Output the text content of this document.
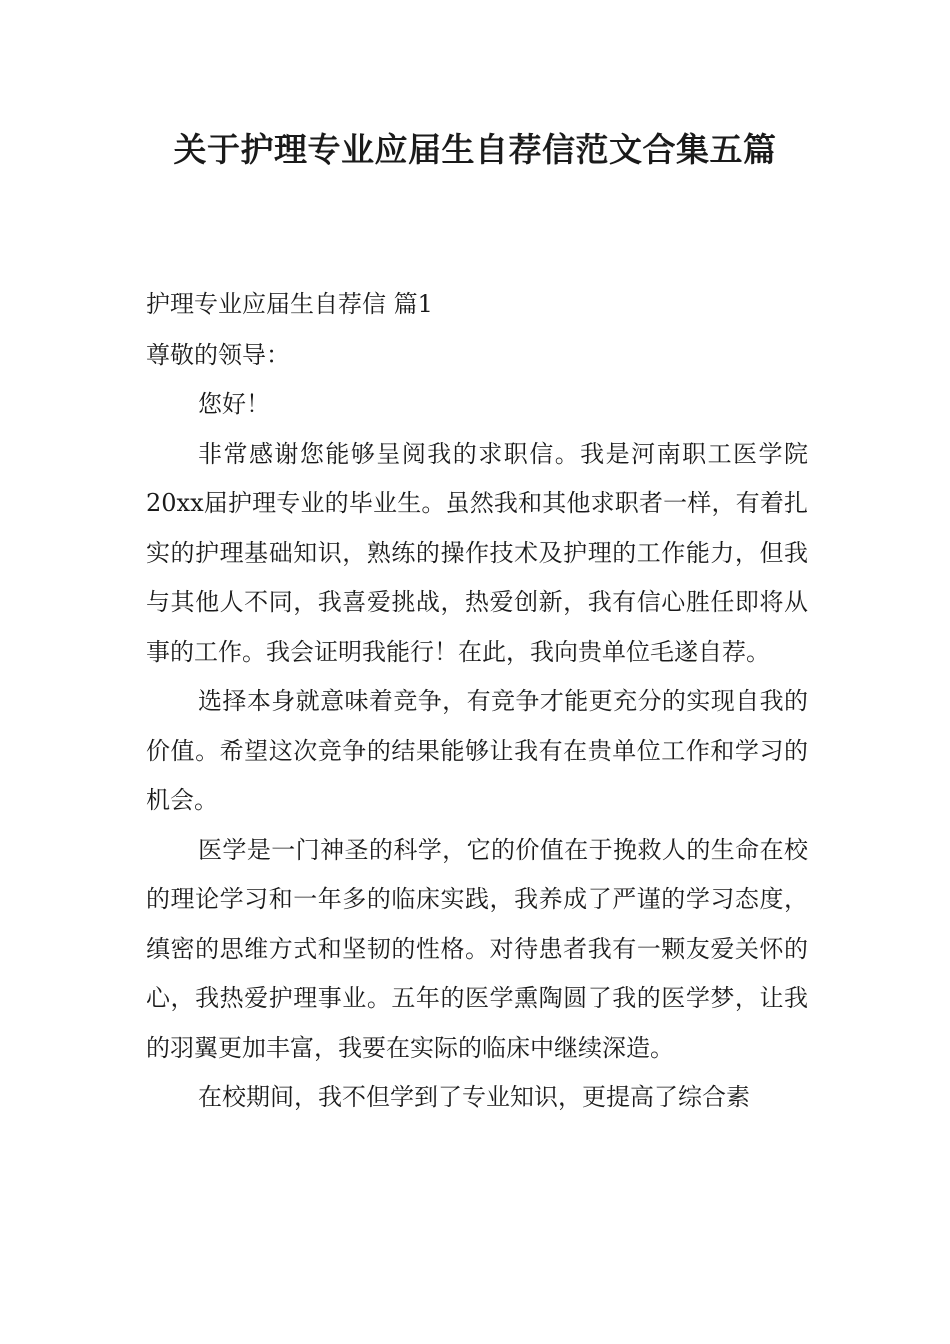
关于护理专业应届生自荐信范文合集五篇

护理专业应届生自荐信 篇1

尊敬的领导：

您好！

非常感谢您能够呈阅我的求职信。我是河南职工医学院20xx届护理专业的毕业生。虽然我和其他求职者一样，有着扎实的护理基础知识，熟练的操作技术及护理的工作能力，但我与其他人不同，我喜爱挑战，热爱创新，我有信心胜任即将从事的工作。我会证明我能行！在此，我向贵单位毛遂自荐。

选择本身就意味着竞争，有竞争才能更充分的实现自我的价值。希望这次竞争的结果能够让我有在贵单位工作和学习的机会。

医学是一门神圣的科学，它的价值在于挽救人的生命在校的理论学习和一年多的临床实践，我养成了严谨的学习态度，缜密的思维方式和坚韧的性格。对待患者我有一颗友爱关怀的心，我热爱护理事业。五年的医学熏陶圆了我的医学梦，让我的羽翼更加丰富，我要在实际的临床中继续深造。

在校期间，我不但学到了专业知识，更提高了综合素
